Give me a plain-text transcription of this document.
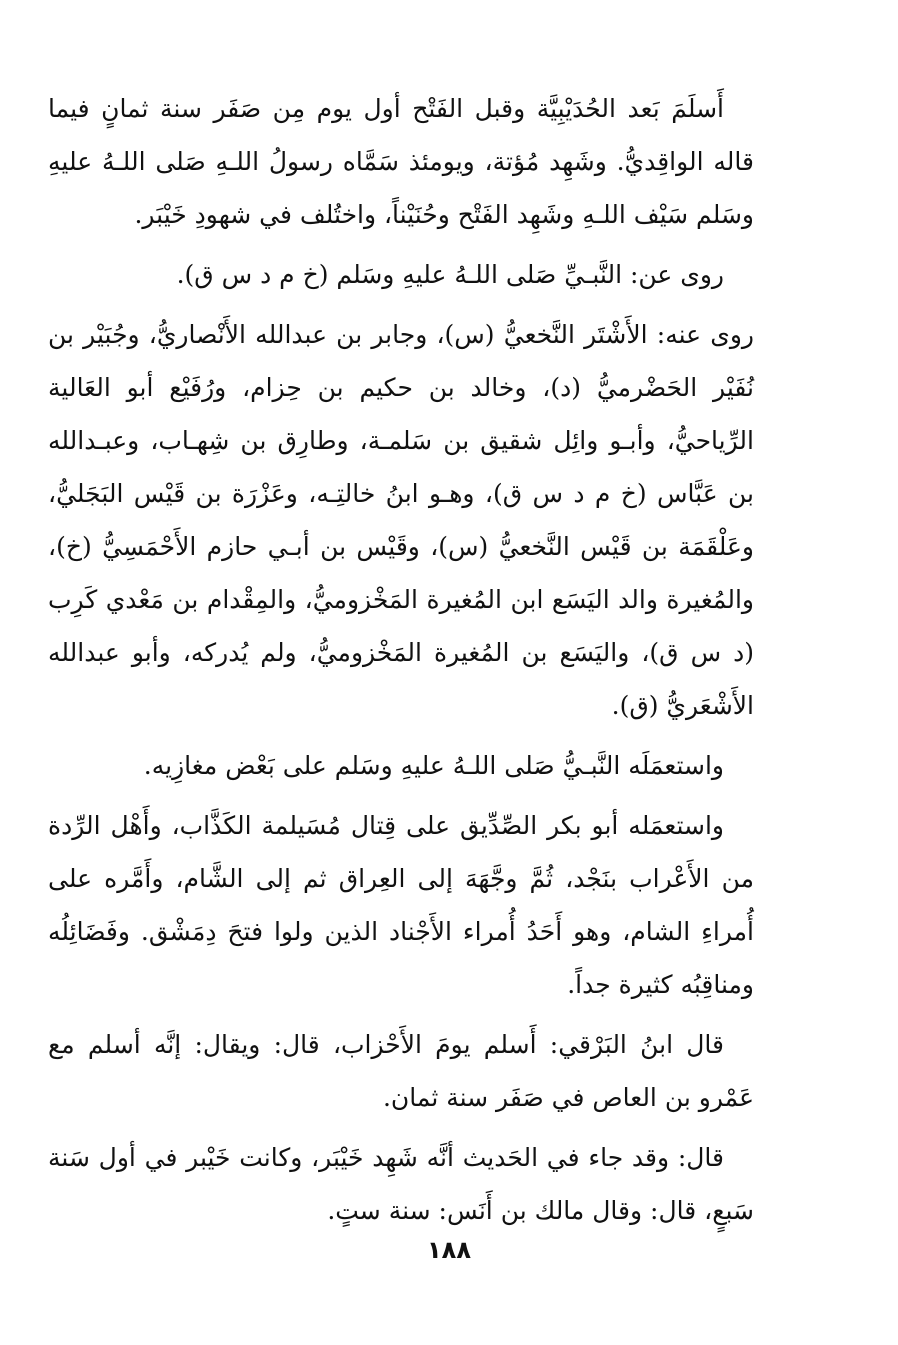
أَسلَمَ بَعد الحُدَيْبِيَّة وقبل الفَتْح أول يوم مِن صَفَر سنة ثمانٍ فيما قاله الواقِديُّ. وشَهِد مُؤتة، ويومئذ سَمَّاه رسولُ اللـهِ صَلى اللـهُ عليهِ وسَلم سَيْف اللـهِ وشَهِد الفَتْح وحُنَيْناً، واختُلف في شهودِ خَيْبَر.

روى عن: النَّبـيِّ صَلى اللـهُ عليهِ وسَلم (خ م د س ق).

روى عنه: الأَشْتَر النَّخعيُّ (س)، وجابر بن عبدالله الأَنْصاريُّ، وجُبَيْر بن نُفَيْر الحَضْرميُّ (د)، وخالد بن حكيم بن حِزام، ورُفَيْع أبو العَالية الرِّياحيُّ، وأبـو وائِل شقيق بن سَلمـة، وطارِق بن شِهـاب، وعبـدالله بن عَبَّاس (خ م د س ق)، وهـو ابنُ خالتِـه، وعَزْرَة بن قَيْس البَجَليُّ، وعَلْقَمَة بن قَيْس النَّخعيُّ (س)، وقَيْس بن أبـي حازم الأَحْمَسِيُّ (خ)، والمُغيرة والد اليَسَع ابن المُغيرة المَخْزوميُّ، والمِقْدام بن مَعْدي كَرِب (د س ق)، واليَسَع بن المُغيرة المَخْزوميُّ، ولم يُدركه، وأبو عبدالله الأَشْعَريُّ (ق).

واستعمَلَه النَّبـيُّ صَلى اللـهُ عليهِ وسَلم على بَعْض مغازِيه.

واستعمَله أبو بكر الصِّدِّيق على قِتال مُسَيلمة الكَذَّاب، وأَهْل الرِّدة من الأَعْراب بنَجْد، ثُمَّ وجَّهَهَ إلى العِراق ثم إلى الشَّام، وأَمَّره على أُمراءِ الشام، وهو أَحَدُ أُمراء الأَجْناد الذين ولوا فتحَ دِمَشْق. وفَضَائِلُه ومناقِبُه كثيرة جداً.

قال ابنُ البَرْقي: أَسلم يومَ الأَحْزاب، قال: ويقال: إنَّه أسلم مع عَمْرو بن العاص في صَفَر سنة ثمان.

قال: وقد جاء في الحَديث أنَّه شَهِد خَيْبَر، وكانت خَيْبر في أول سَنة سَبعٍ، قال: وقال مالك بن أَنَس: سنة ستٍ.

١٨٨
